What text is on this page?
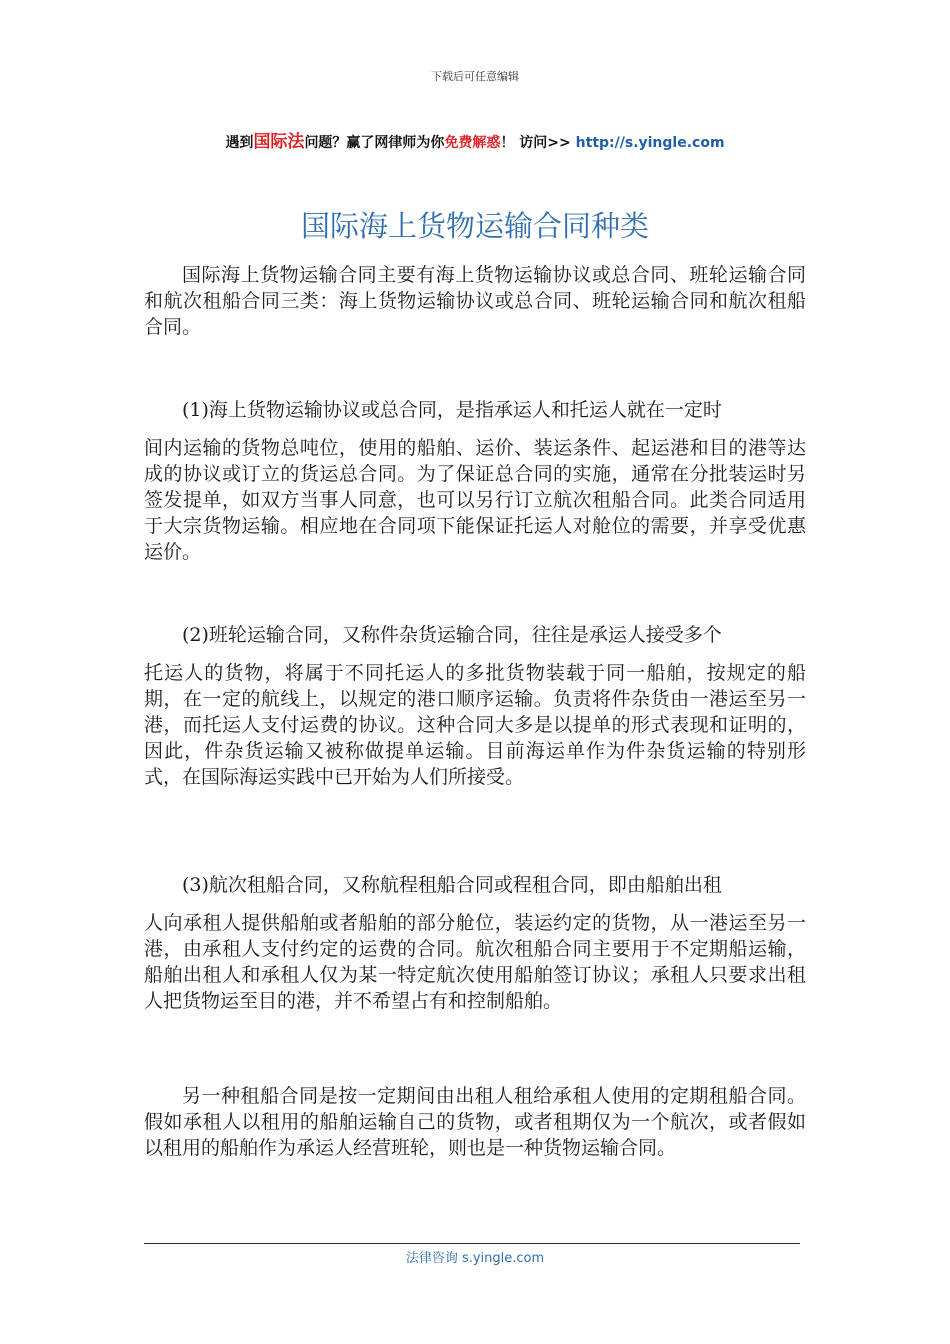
下载后可任意编辑
遇到国际法问题？赢了网律师为你免费解惑！ 访问>> http://s.yingle.com
国际海上货物运输合同种类

国际海上货物运输合同主要有海上货物运输协议或总合同、班轮运输合同和航次租船合同三类：海上货物运输协议或总合同、班轮运输合同和航次租船合同。

(1)海上货物运输协议或总合同，是指承运人和托运人就在一定时

间内运输的货物总吨位，使用的船舶、运价、装运条件、起运港和目的港等达成的协议或订立的货运总合同。为了保证总合同的实施，通常在分批装运时另签发提单，如双方当事人同意，也可以另行订立航次租船合同。此类合同适用于大宗货物运输。相应地在合同项下能保证托运人对舱位的需要，并享受优惠运价。

(2)班轮运输合同，又称件杂货运输合同，往往是承运人接受多个

托运人的货物，将属于不同托运人的多批货物装载于同一船舶，按规定的船期，在一定的航线上，以规定的港口顺序运输。负责将件杂货由一港运至另一港，而托运人支付运费的协议。这种合同大多是以提单的形式表现和证明的，因此，件杂货运输又被称做提单运输。目前海运单作为件杂货运输的特别形式，在国际海运实践中已开始为人们所接受。

(3)航次租船合同，又称航程租船合同或程租合同，即由船舶出租

人向承租人提供船舶或者船舶的部分舱位，装运约定的货物，从一港运至另一港，由承租人支付约定的运费的合同。航次租船合同主要用于不定期船运输，船舶出租人和承租人仅为某一特定航次使用船舶签订协议；承租人只要求出租人把货物运至目的港，并不希望占有和控制船舶。

另一种租船合同是按一定期间由出租人租给承租人使用的定期租船合同。假如承租人以租用的船舶运输自己的货物，或者租期仅为一个航次，或者假如以租用的船舶作为承运人经营班轮，则也是一种货物运输合同。

法律咨询 s.yingle.com
